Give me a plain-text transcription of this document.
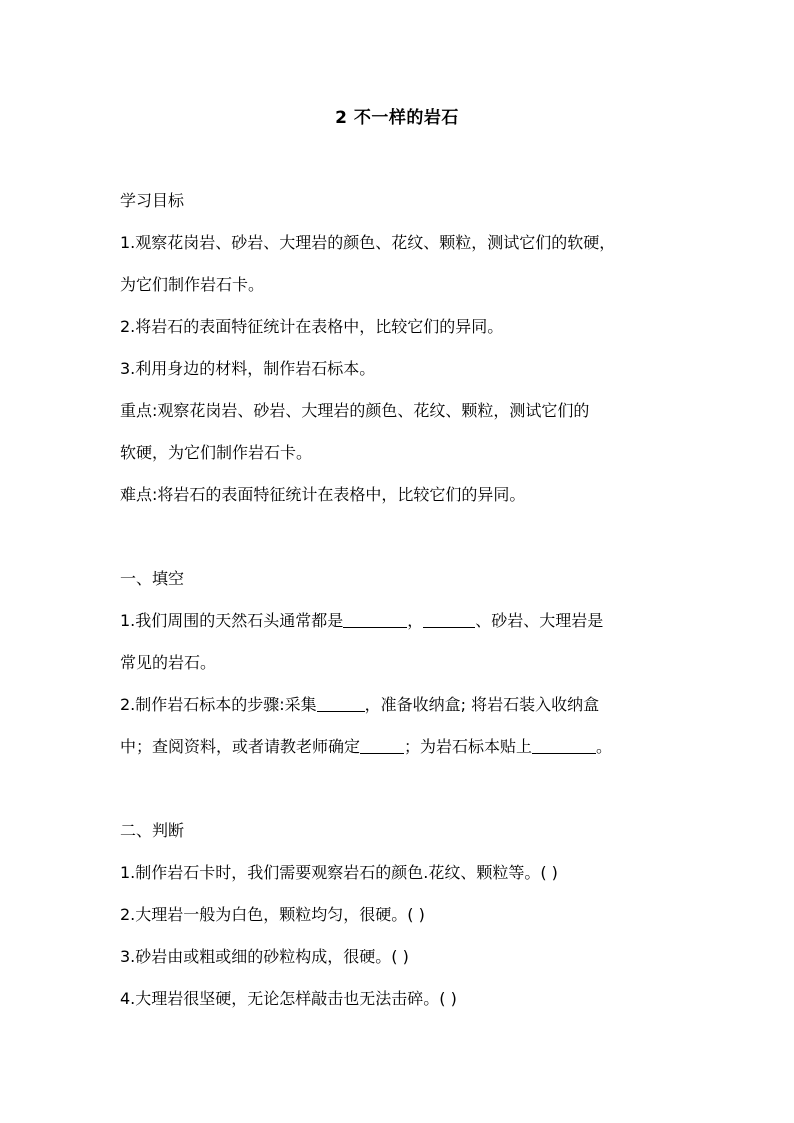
2 不一样的岩石
学习目标
1.观察花岗岩、砂岩、大理岩的颜色、花纹、颗粒，测试它们的软硬，
为它们制作岩石卡。
2.将岩石的表面特征统计在表格中，比较它们的异同。
3.利用身边的材料，制作岩石标本。
重点:观察花岗岩、砂岩、大理岩的颜色、花纹、颗粒，测试它们的
软硬，为它们制作岩石卡。
难点:将岩石的表面特征统计在表格中，比较它们的异同。
一、填空
1.我们周围的天然石头通常都是	，	、砂岩、大理岩是
常见的岩石。
2.制作岩石标本的步骤:采集	，准备收纳盒; 将岩石装入收纳盒
中；查阅资料，或者请教老师确定	；为岩石标本贴上	。
二、判断
1.制作岩石卡时，我们需要观察岩石的颜色.花纹、颗粒等。( )
2.大理岩一般为白色，颗粒均匀，很硬。( )
3.砂岩由或粗或细的砂粒构成，很硬。( )
4.大理岩很坚硬，无论怎样敲击也无法击碎。( )
